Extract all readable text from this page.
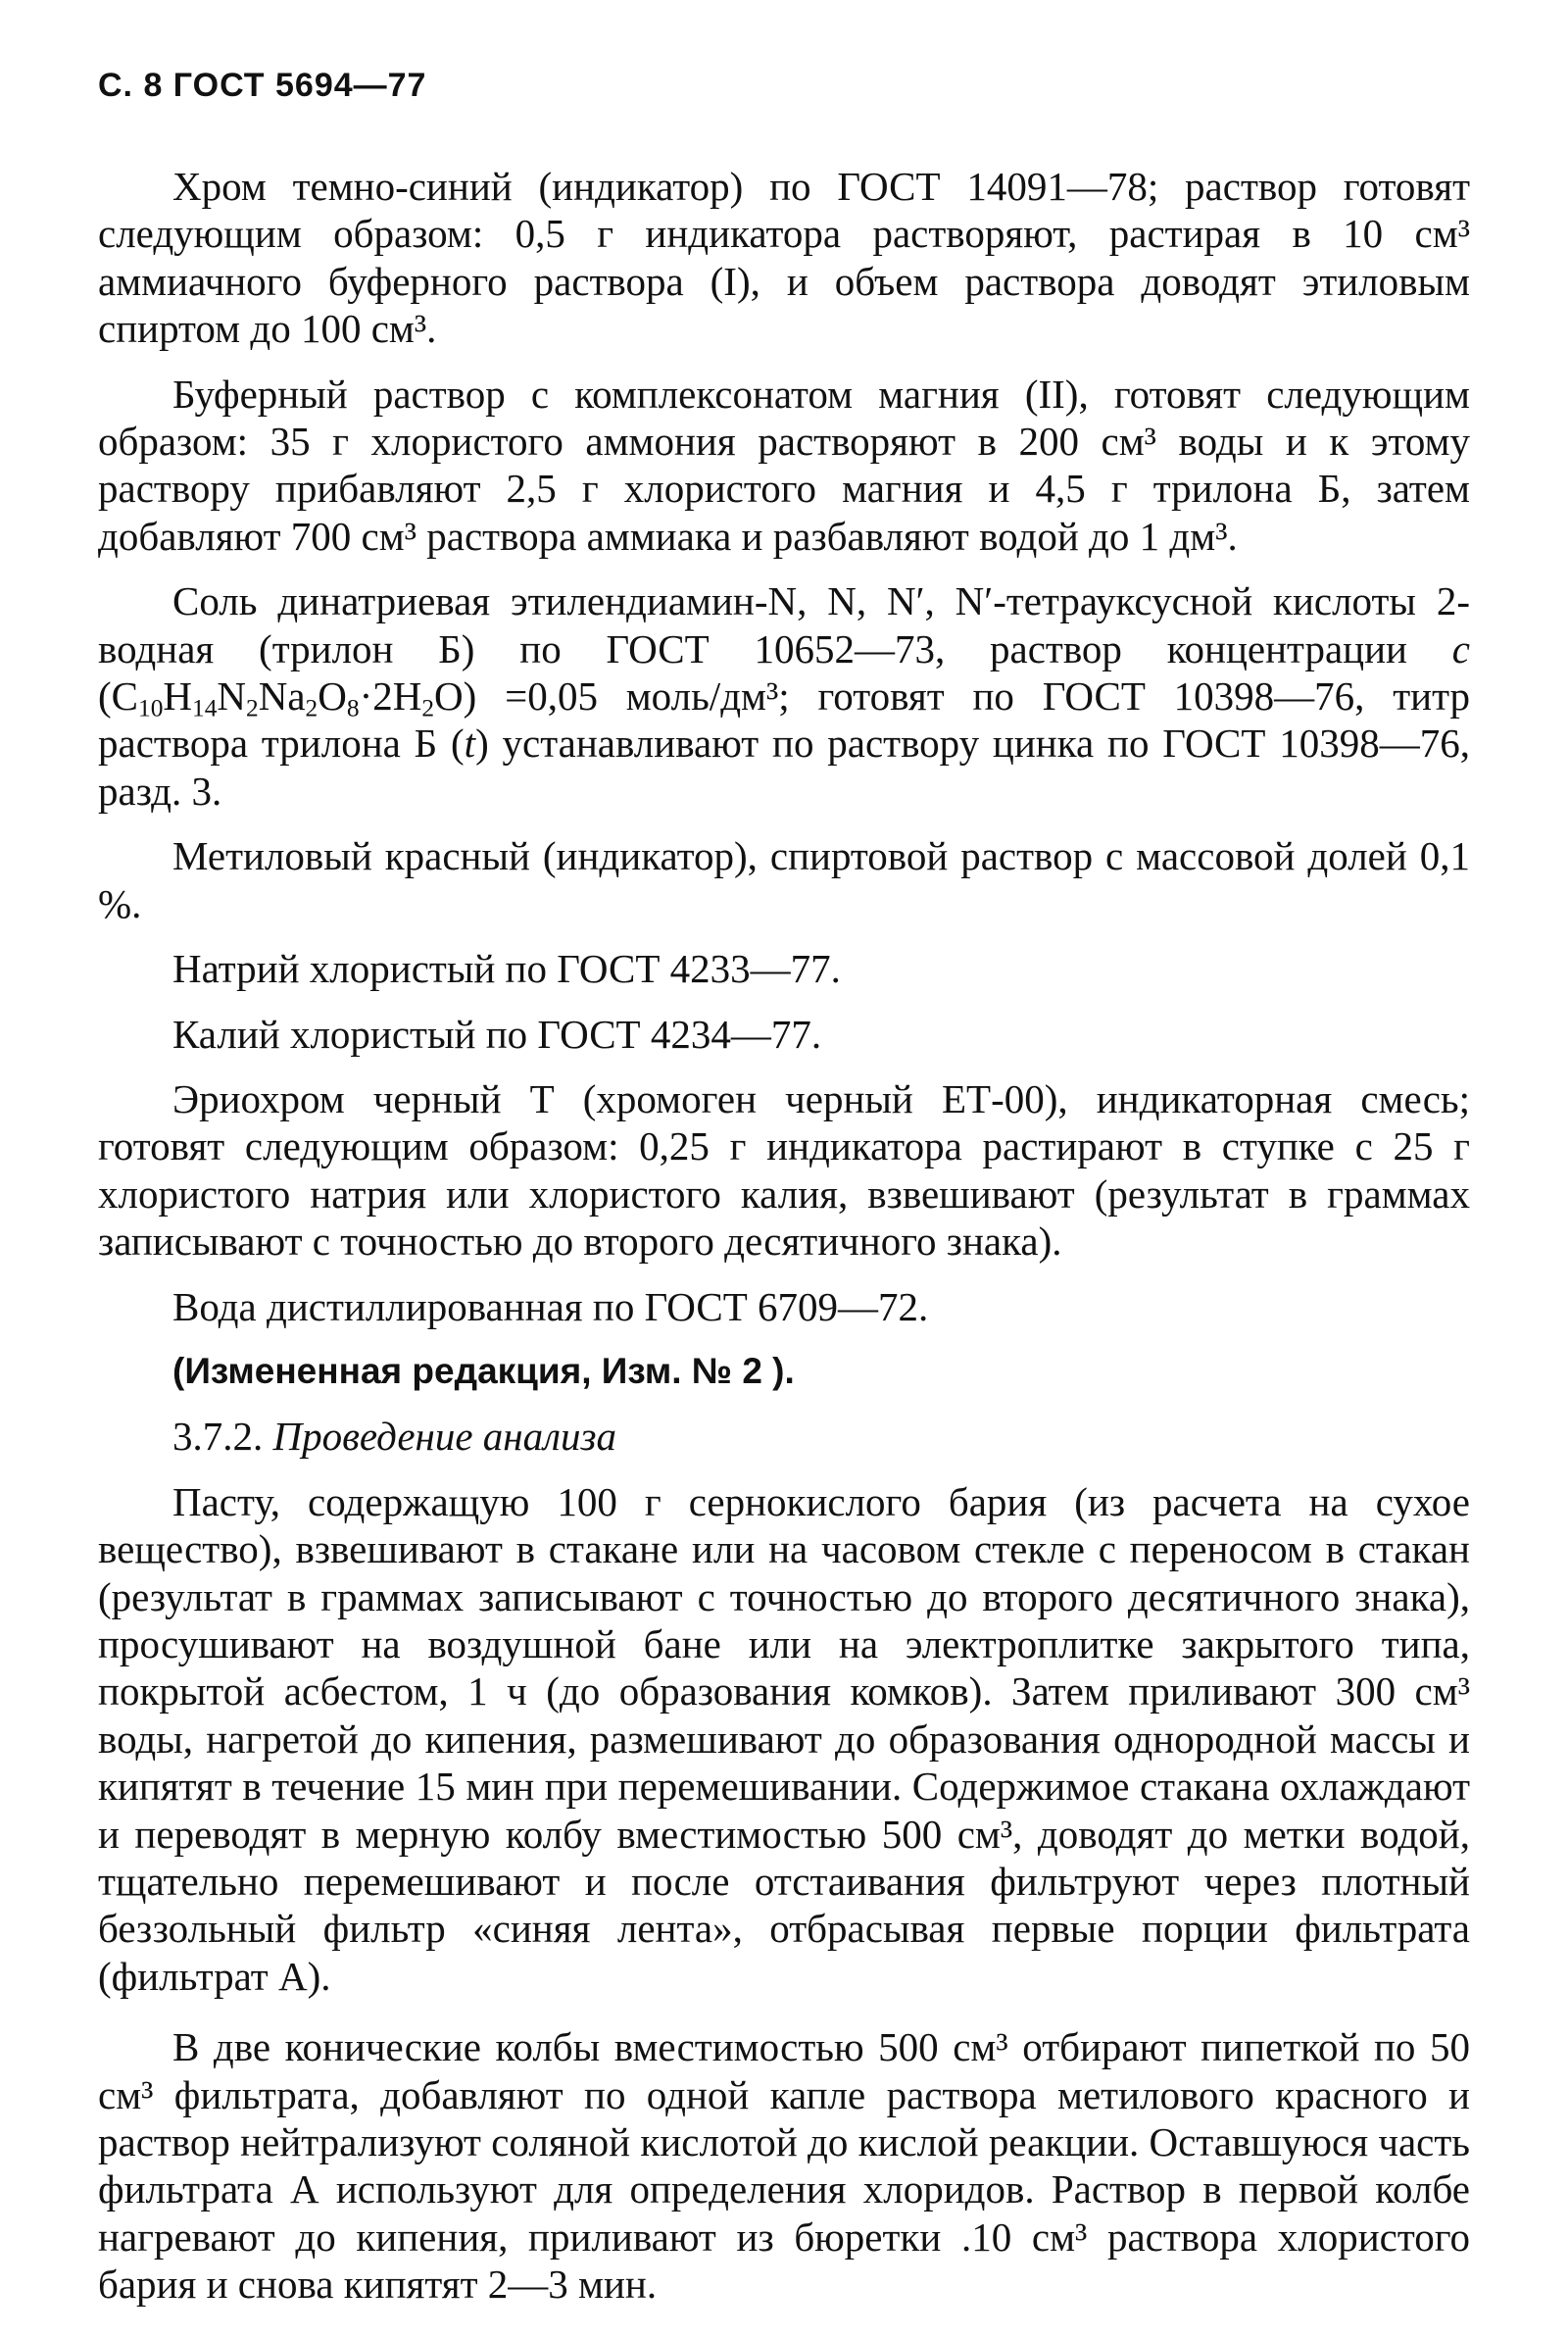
С. 8 ГОСТ 5694—77

Хром темно-синий (индикатор) по ГОСТ 14091—78; раствор готовят следующим образом: 0,5 г индикатора растворяют, растирая в 10 см³ аммиачного буферного раствора (I), и объем раствора доводят этиловым спиртом до 100 см³.

Буферный раствор с комплексонатом магния (II), готовят следующим образом: 35 г хлористого аммония растворяют в 200 см³ воды и к этому раствору прибавляют 2,5 г хлористого магния и 4,5 г трилона Б, затем добавляют 700 см³ раствора аммиака и разбавляют водой до 1 дм³.

Соль динатриевая этилендиамин-N, N, N′, N′-тетрауксусной кислоты 2-водная (трилон Б) по ГОСТ 10652—73, раствор концентрации c $(C_{10}H_{14}N_2Na_2O_8\cdot 2H_2O) =0,05$ моль/дм³; готовят по ГОСТ 10398—76, титр раствора трилона Б (t) устанавливают по раствору цинка по ГОСТ 10398—76, разд. 3.

Метиловый красный (индикатор), спиртовой раствор с массовой долей 0,1 %.

Натрий хлористый по ГОСТ 4233—77.

Калий хлористый по ГОСТ 4234—77.

Эриохром черный Т (хромоген черный ЕТ-00), индикаторная смесь; готовят следующим образом: 0,25 г индикатора растирают в ступке с 25 г хлористого натрия или хлористого калия, взвешивают (результат в граммах записывают с точностью до второго десятичного знака).

Вода дистиллированная по ГОСТ 6709—72.

(Измененная редакция, Изм. № 2 ).

3.7.2. Проведение анализа

Пасту, содержащую 100 г сернокислого бария (из расчета на сухое вещество), взвешивают в стакане или на часовом стекле с переносом в стакан (результат в граммах записывают с точностью до второго десятичного знака), просушивают на воздушной бане или на электроплитке закрытого типа, покрытой асбестом, 1 ч (до образования комков). Затем приливают 300 см³ воды, нагретой до кипения, размешивают до образования однородной массы и кипятят в течение 15 мин при перемешивании. Содержимое стакана охлаждают и переводят в мерную колбу вместимостью 500 см³, доводят до метки водой, тщательно перемешивают и после отстаивания фильтруют через плотный беззольный фильтр «синяя лента», отбрасывая первые порции фильтрата (фильтрат А).

В две конические колбы вместимостью 500 см³ отбирают пипеткой по 50 см³ фильтрата, добавляют по одной капле раствора метилового красного и раствор нейтрализуют соляной кислотой до кислой реакции. Оставшуюся часть фильтрата А используют для определения хлоридов. Раствор в первой колбе нагревают до кипения, приливают из бюретки .10 см³ раствора хлористого бария и снова кипятят 2—3 мин.
